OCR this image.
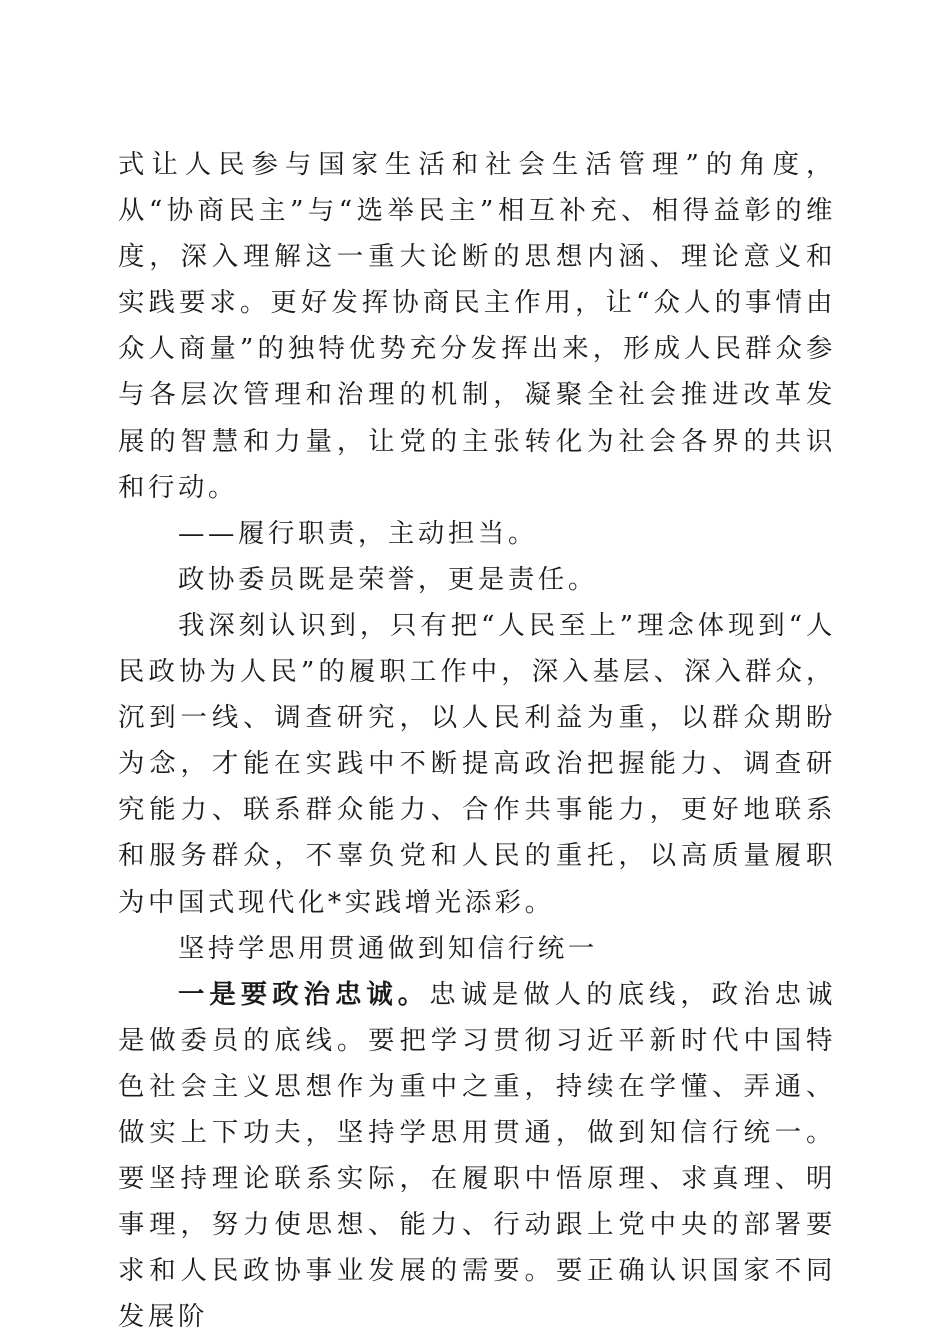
式让人民参与国家生活和社会生活管理”的角度，从“协商民主”与“选举民主”相互补充、相得益彰的维度，深入理解这一重大论断的思想内涵、理论意义和实践要求。更好发挥协商民主作用，让“众人的事情由众人商量”的独特优势充分发挥出来，形成人民群众参与各层次管理和治理的机制，凝聚全社会推进改革发展的智慧和力量，让党的主张转化为社会各界的共识和行动。

——履行职责，主动担当。

政协委员既是荣誉，更是责任。

我深刻认识到，只有把“人民至上”理念体现到“人民政协为人民”的履职工作中，深入基层、深入群众，沉到一线、调查研究，以人民利益为重，以群众期盼为念，才能在实践中不断提高政治把握能力、调查研究能力、联系群众能力、合作共事能力，更好地联系和服务群众，不辜负党和人民的重托，以高质量履职为中国式现代化*实践增光添彩。

坚持学思用贯通做到知信行统一

一是要政治忠诚。忠诚是做人的底线，政治忠诚是做委员的底线。要把学习贯彻习近平新时代中国特色社会主义思想作为重中之重，持续在学懂、弄通、做实上下功夫，坚持学思用贯通，做到知信行统一。要坚持理论联系实际，在履职中悟原理、求真理、明事理，努力使思想、能力、行动跟上党中央的部署要求和人民政协事业发展的需要。要正确认识国家不同发展阶
